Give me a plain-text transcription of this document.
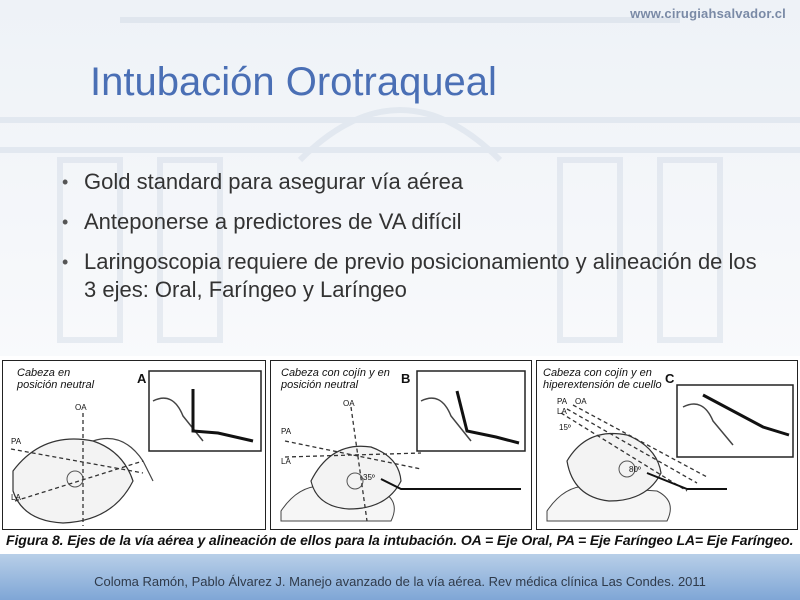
www.cirugiahsalvador.cl
Intubación Orotraqueal
• Gold standard para asegurar vía aérea
• Anteponerse a predictores de VA difícil
• Laringoscopia requiere de previo posicionamiento y alineación de los 3 ejes: Oral, Faríngeo y Laríngeo
Cabeza en
posición neutral	A
OA
PA
LA
Cabeza con cojín y en
posición neutral	B
OA
PA
LA
35º
Cabeza con cojín y en
hiperextensión de cuello C
PA OA
LA
15º
80º
Figura 8. Ejes de la vía aérea y alineación de ellos para la intubación. OA = Eje Oral, PA = Eje Faríngeo LA= Eje Faríngeo.
Coloma Ramón, Pablo Álvarez J. Manejo avanzado de la vía aérea. Rev médica clínica Las Condes. 2011
